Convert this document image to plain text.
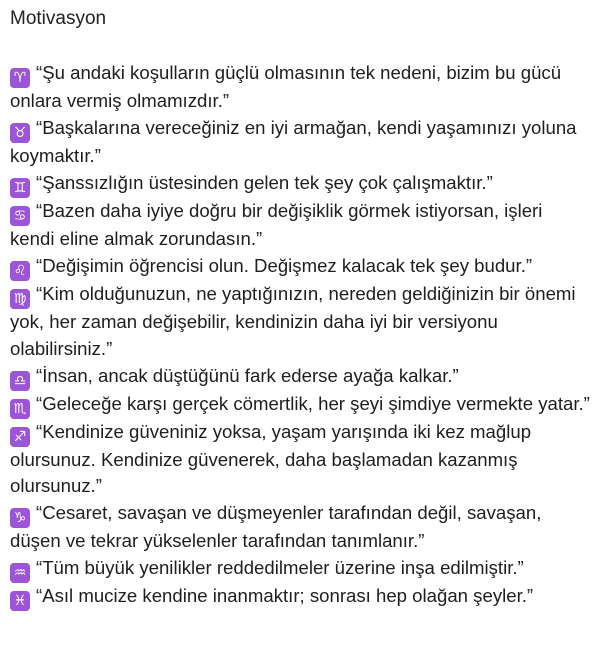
Motivasyon
♈ “Şu andaki koşulların güçlü olmasının tek nedeni, bizim bu gücü onlara vermiş olmamızdır.”
♉ “Başkalarına vereceğiniz en iyi armağan, kendi yaşamınızı yoluna koymaktır.”
♊ “Şanssızlığın üstesinden gelen tek şey çok çalışmaktır.”
♋ “Bazen daha iyiye doğru bir değişiklik görmek istiyorsan, işleri kendi eline almak zorundasın.”
♌ “Değişimin öğrencisi olun. Değişmez kalacak tek şey budur.”
♍ “Kim olduğunuzun, ne yaptığınızın, nereden geldiğinizin bir önemi yok, her zaman değişebilir, kendinizin daha iyi bir versiyonu olabilirsiniz.”
♎ “İnsan, ancak düştüğünü fark ederse ayağa kalkar.”
♏ “Geleceğe karşı gerçek cömertlik, her şeyi şimdiye vermekte yatar.”
♐ “Kendinize güveniniz yoksa, yaşam yarışında iki kez mağlup olursunuz. Kendinize güvenerek, daha başlamadan kazanmış olursunuz.”
♑ “Cesaret, savaşan ve düşmeyenler tarafından değil, savaşan, düşen ve tekrar yükselenler tarafından tanımlanır.”
♒ “Tüm büyük yenilikler reddedilmeler üzerine inşa edilmiştir.”
♓ “Asıl mucize kendine inanmaktır; sonrası hep olağan şeyler.”
